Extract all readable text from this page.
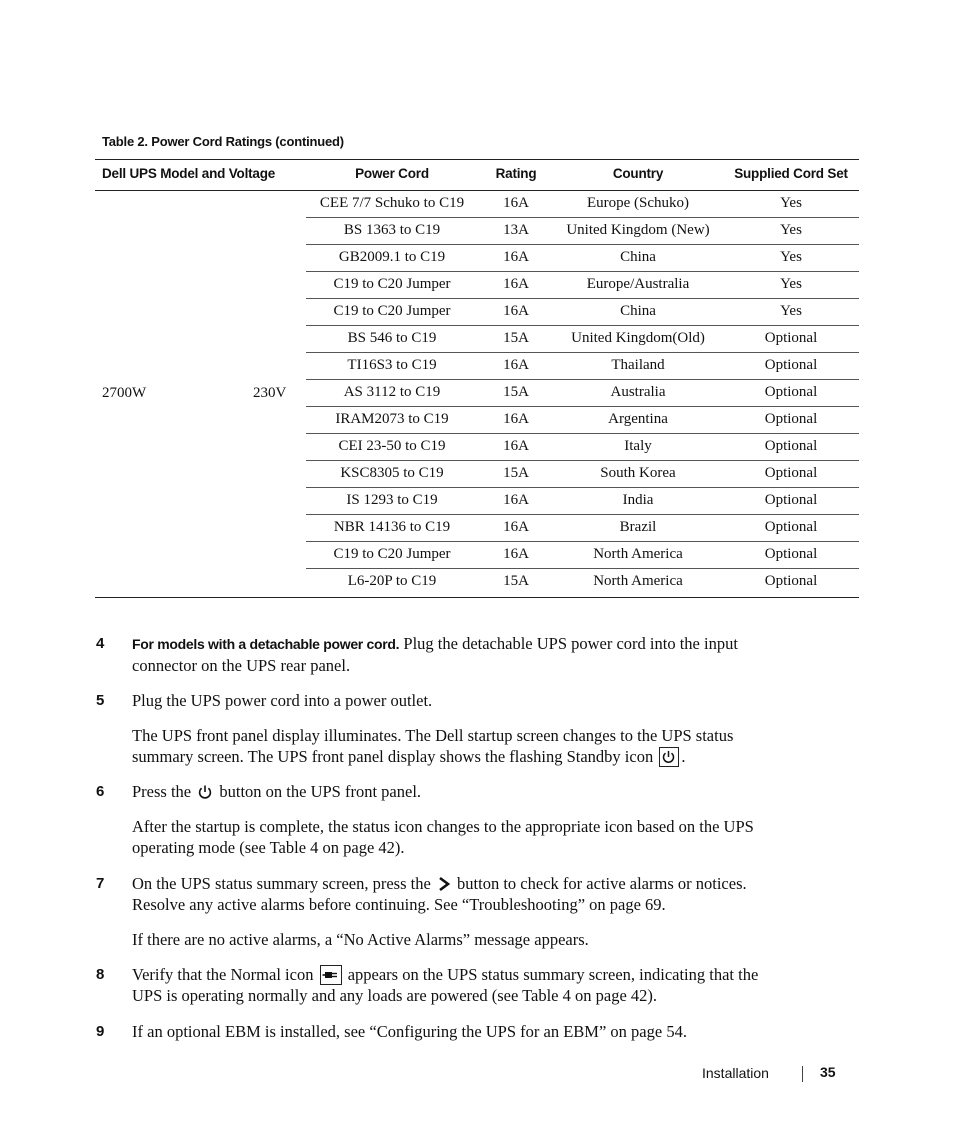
Table 2. Power Cord Ratings (continued)
Dell UPS Model and Voltage	Power Cord	Rating	Country	Supplied Cord Set
2700W	230V
CEE 7/7 Schuko to C19	16A	Europe (Schuko)	Yes
BS 1363 to C19	13A United Kingdom (New)	Yes
GB2009.1 to C19	16A	China	Yes
C19 to C20 Jumper	16A	Europe/Australia	Yes
C19 to C20 Jumper	16A	China	Yes
BS 546 to C19	15A	United Kingdom(Old)	Optional
TI16S3 to C19	16A	Thailand	Optional
AS 3112 to C19	15A	Australia	Optional
IRAM2073 to C19	16A	Argentina	Optional
CEI 23-50 to C19	16A	Italy	Optional
KSC8305 to C19	15A	South Korea	Optional
IS 1293 to C19	16A	India	Optional
NBR 14136 to C19	16A	Brazil	Optional
C19 to C20 Jumper	16A	North America	Optional
L6-20P to C19	15A	North America	Optional
4 For models with a detachable power cord. Plug the detachable UPS power cord into the input
connector on the UPS rear panel.
5 Plug the UPS power cord into a power outlet.
The UPS front panel display illuminates. The Dell startup screen changes to the UPS status
summary screen. The UPS front panel display shows the flashing Standby icon .
6 Press the button on the UPS front panel.
After the startup is complete, the status icon changes to the appropriate icon based on the UPS
operating mode (see Table 4 on page 42).
7 On the UPS status summary screen, press the button to check for active alarms or notices.
Resolve any active alarms before continuing. See “Troubleshooting” on page 69.
If there are no active alarms, a “No Active Alarms” message appears.
8 Verify that the Normal icon appears on the UPS status summary screen, indicating that the
UPS is operating normally and any loads are powered (see Table 4 on page 42).
9 If an optional EBM is installed, see “Configuring the UPS for an EBM” on page 54.
Installation	35
